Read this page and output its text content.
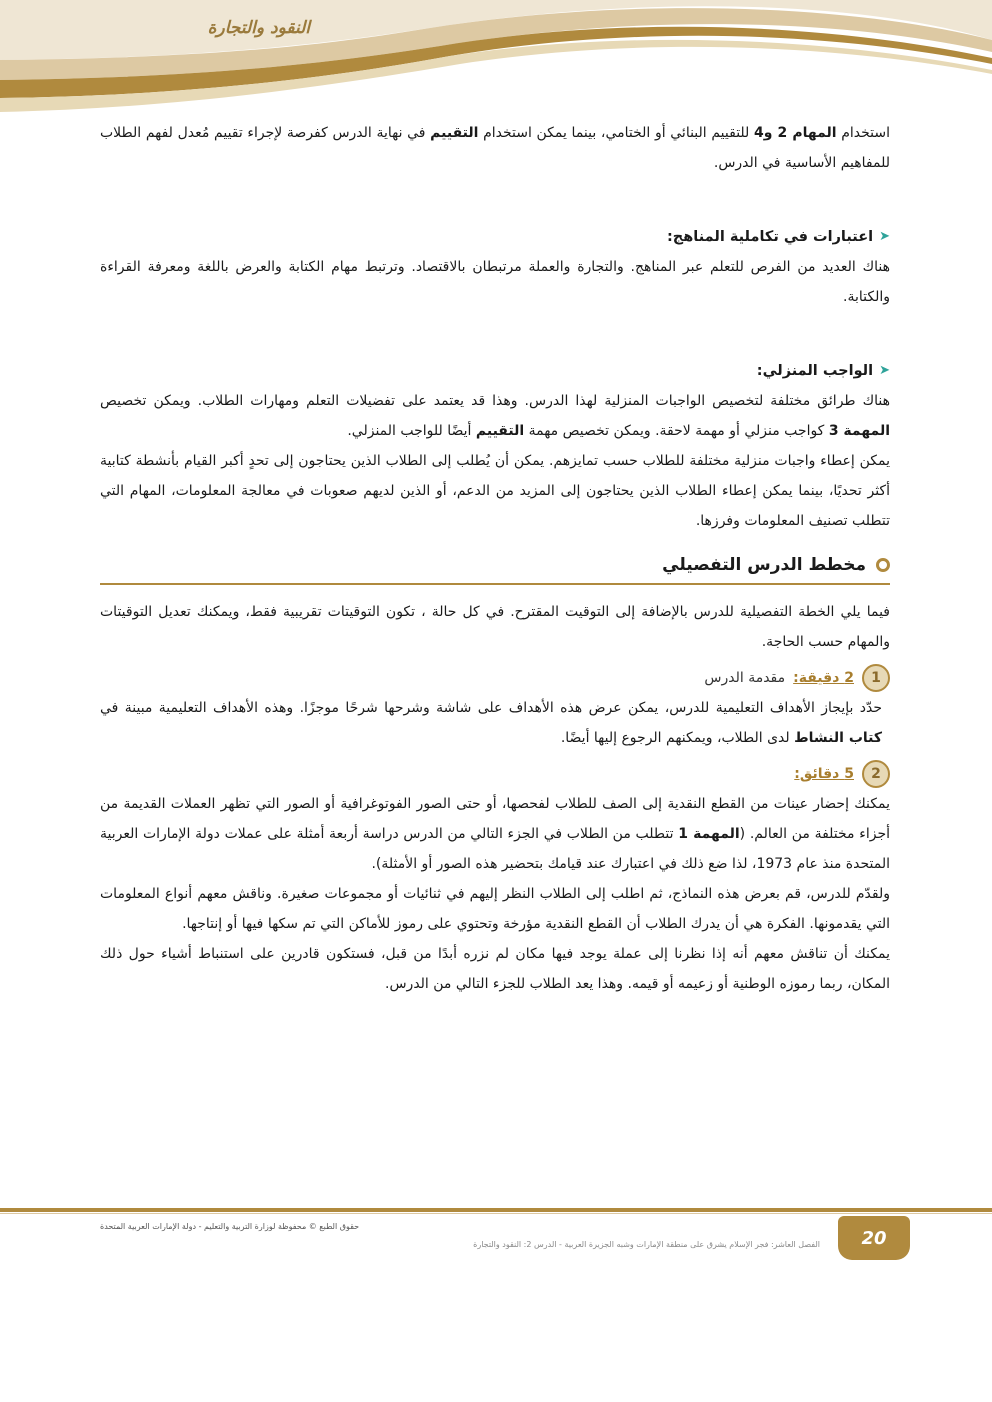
النقود والتجارة

استخدام المهام 2 و4 للتقييم البنائي أو الختامي، بينما يمكن استخدام التقييم في نهاية الدرس كفرصة لإجراء تقييم مُعدل لفهم الطلاب للمفاهيم الأساسية في الدرس.

➤
اعتبارات في تكاملية المناهج:

هناك العديد من الفرص للتعلم عبر المناهج. والتجارة والعملة مرتبطان بالاقتصاد. وترتبط مهام الكتابة والعرض باللغة ومعرفة القراءة والكتابة.

➤
الواجب المنزلي:

هناك طرائق مختلفة لتخصيص الواجبات المنزلية لهذا الدرس. وهذا قد يعتمد على تفضيلات التعلم ومهارات الطلاب. ويمكن تخصيص المهمة 3 كواجب منزلي أو مهمة لاحقة. ويمكن تخصيص مهمة التقييم أيضًا للواجب المنزلي.

يمكن إعطاء واجبات منزلية مختلفة للطلاب حسب تمايزهم. يمكن أن يُطلب إلى الطلاب الذين يحتاجون إلى تحدٍ أكبر القيام بأنشطة كتابية أكثر تحديًا، بينما يمكن إعطاء الطلاب الذين يحتاجون إلى المزيد من الدعم، أو الذين لديهم صعوبات في معالجة المعلومات، المهام التي تتطلب تصنيف المعلومات وفرزها.

مخطط الدرس التفصيلي

فيما يلي الخطة التفصيلية للدرس بالإضافة إلى التوقيت المقترح. في كل حالة ، تكون التوقيتات تقريبية فقط، ويمكنك تعديل التوقيتات والمهام حسب الحاجة.

1
2 دقيقة:
مقدمة الدرس

حدّد بإيجاز الأهداف التعليمية للدرس، يمكن عرض هذه الأهداف على شاشة وشرحها شرحًا موجزًا. وهذه الأهداف التعليمية مبينة في كتاب النشاط لدى الطلاب، ويمكنهم الرجوع إليها أيضًا.

2
5 دقائق:

يمكنك إحضار عينات من القطع النقدية إلى الصف للطلاب لفحصها، أو حتى الصور الفوتوغرافية أو الصور التي تظهر العملات القديمة من أجزاء مختلفة من العالم. (المهمة 1 تتطلب من الطلاب في الجزء التالي من الدرس دراسة أربعة أمثلة على عملات دولة الإمارات العربية المتحدة منذ عام 1973، لذا ضع ذلك في اعتبارك عند قيامك بتحضير هذه الصور أو الأمثلة).

ولقدّم للدرس، قم بعرض هذه النماذج، ثم اطلب إلى الطلاب النظر إليهم في ثنائيات أو مجموعات صغيرة. وناقش معهم أنواع المعلومات التي يقدمونها. الفكرة هي أن يدرك الطلاب أن القطع النقدية مؤرخة وتحتوي على رموز للأماكن التي تم سكها فيها أو إنتاجها.

يمكنك أن تناقش معهم أنه إذا نظرنا إلى عملة يوجد فيها مكان لم نزره أبدًا من قبل، فستكون قادرين على استنباط أشياء حول ذلك المكان، ربما رموزه الوطنية أو زعيمه أو قيمه. وهذا يعد الطلاب للجزء التالي من الدرس.

حقوق الطبع © محفوظة لوزارة التربية والتعليم - دولة الإمارات العربية المتحدة
الفصل العاشر: فجر الإسلام يشرق على منطقة الإمارات وشبه الجزيرة العربية - الدرس 2: النقود والتجارة	20
